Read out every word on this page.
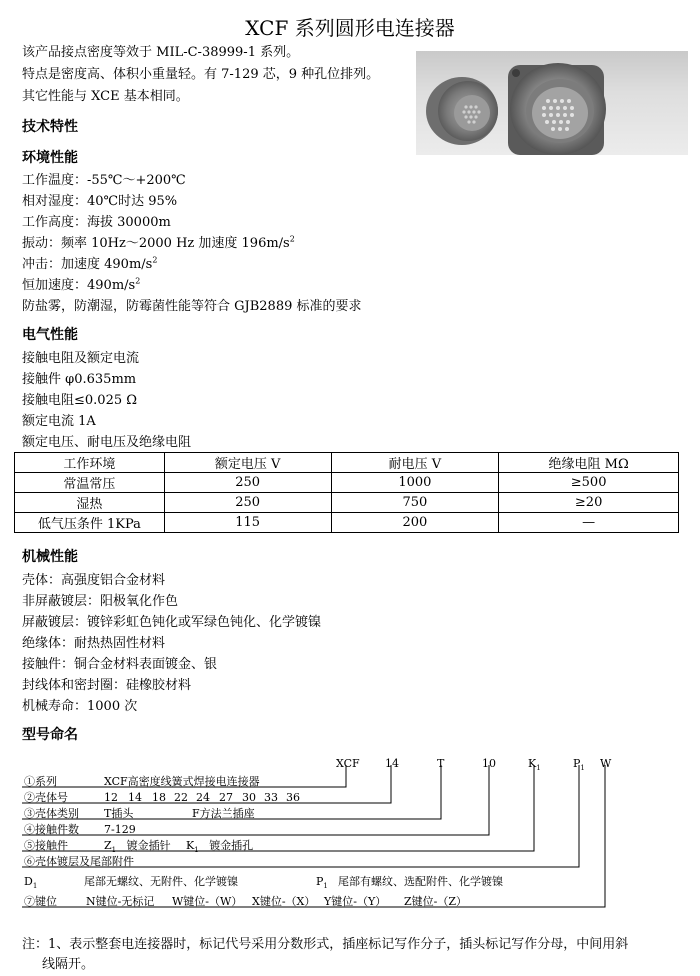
XCF 系列圆形电连接器
该产品接点密度等效于 MIL-C-38999-1 系列。
特点是密度高、体积小重量轻。有 7-129 芯，9 种孔位排列。
其它性能与 XCE 基本相同。
技术特性
环境性能
工作温度：-55℃～+200℃
相对湿度：40℃时达 95%
工作高度：海拔 30000m
振动：频率 10Hz～2000 Hz 加速度 $196m/s^2$
冲击：加速度 $490m/s^2$
恒加速度：$490m/s^2$
防盐雾，防潮湿，防霉菌性能等符合 GJB2889 标准的要求
电气性能
接触电阻及额定电流
接触件 φ0.635mm
接触电阻≤0.025 Ω
额定电流 1A
额定电压、耐电压及绝缘电阻
工作环境	额定电压 V	耐电压 V	绝缘电阻 MΩ
常温常压	250	1000	≥500
湿热	250	750	≥20
低气压条件 1KPa	115	200	—
机械性能
壳体：高强度铝合金材料
非屏蔽镀层：阳极氧化作色
屏蔽镀层：镀锌彩虹色钝化或军绿色钝化、化学镀镍
绝缘体：耐热热固性材料
接触件：铜合金材料表面镀金、银
封线体和密封圈：硅橡胶材料
机械寿命：1000 次
型号命名
XCF 14	T	10	$K_1$	$P_1$ W
①系列	XCF高密度线簧式焊接电连接器
②壳体号	12 14 18 22 24 27 30 33 36
③壳体类别 T插头	F方法兰插座
④接触件数 7-129
⑤接触件	$Z_1$ 镀金插针 $K_1$ 镀金插孔
⑥壳体镀层及尾部附件
$D_1$	尾部无螺纹、无附件、化学镀镍	$P_1$ 尾部有螺纹、选配附件、化学镀镍
⑦键位	N键位-无标记 W键位-（W） X键位-（X） Y键位-（Y） Z键位-（Z）
注：1、表示整套电连接器时，标记代号采用分数形式，插座标记写作分子，插头标记写作分母，中间用斜
线隔开。
